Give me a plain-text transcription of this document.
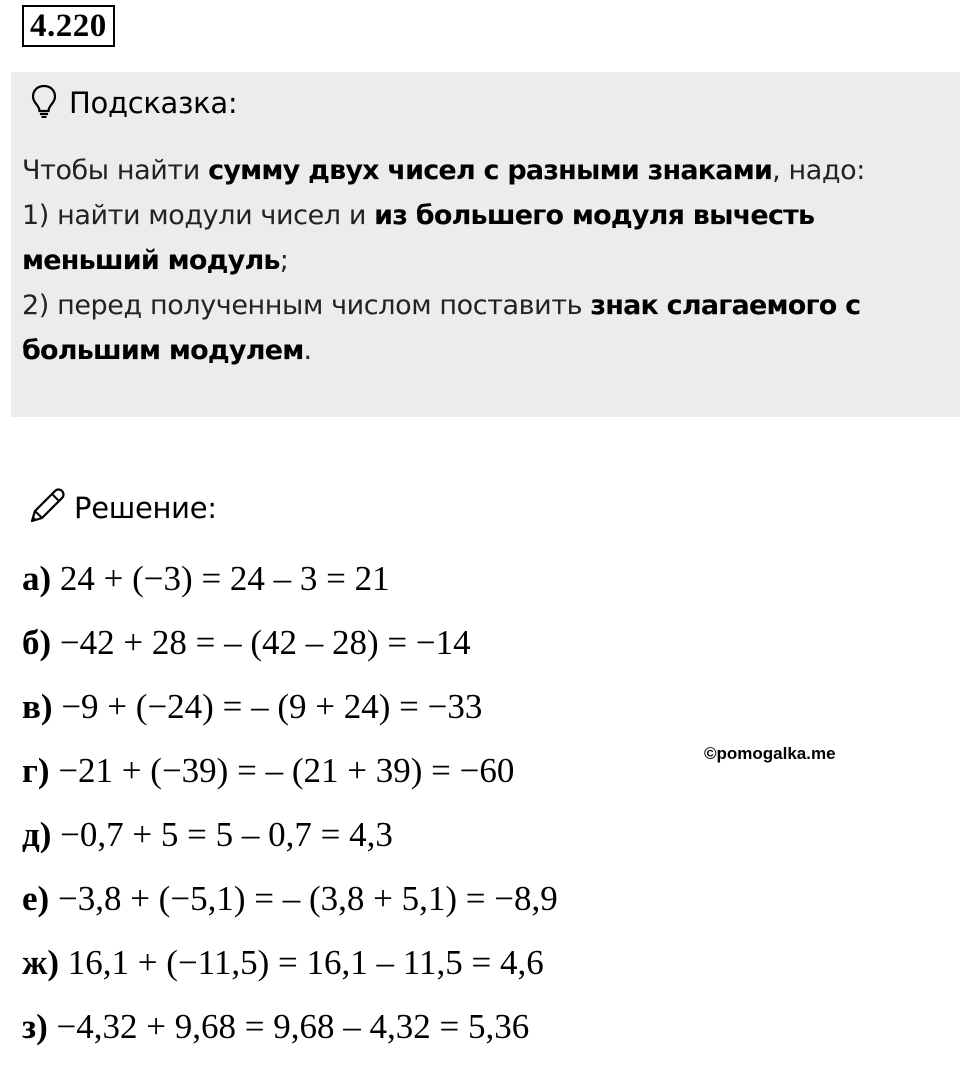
4.220
Подсказка:
Чтобы найти сумму двух чисел с разными знаками, надо:
1) найти модули чисел и из большего модуля вычесть
меньший модуль;
2) перед полученным числом поставить знак слагаемого с
большим модулем.
Решение:
а) 24 + (−3) = 24 – 3 = 21
б) −42 + 28 = – (42 – 28) = −14
в) −9 + (−24) = – (9 + 24) = −33
г) −21 + (−39) = – (21 + 39) = −60
д) −0,7 + 5 = 5 – 0,7 = 4,3
е) −3,8 + (−5,1) = – (3,8 + 5,1) = −8,9
ж) 16,1 + (−11,5) = 16,1 – 11,5 = 4,6
з) −4,32 + 9,68 = 9,68 – 4,32 = 5,36
©pomogalka.me
